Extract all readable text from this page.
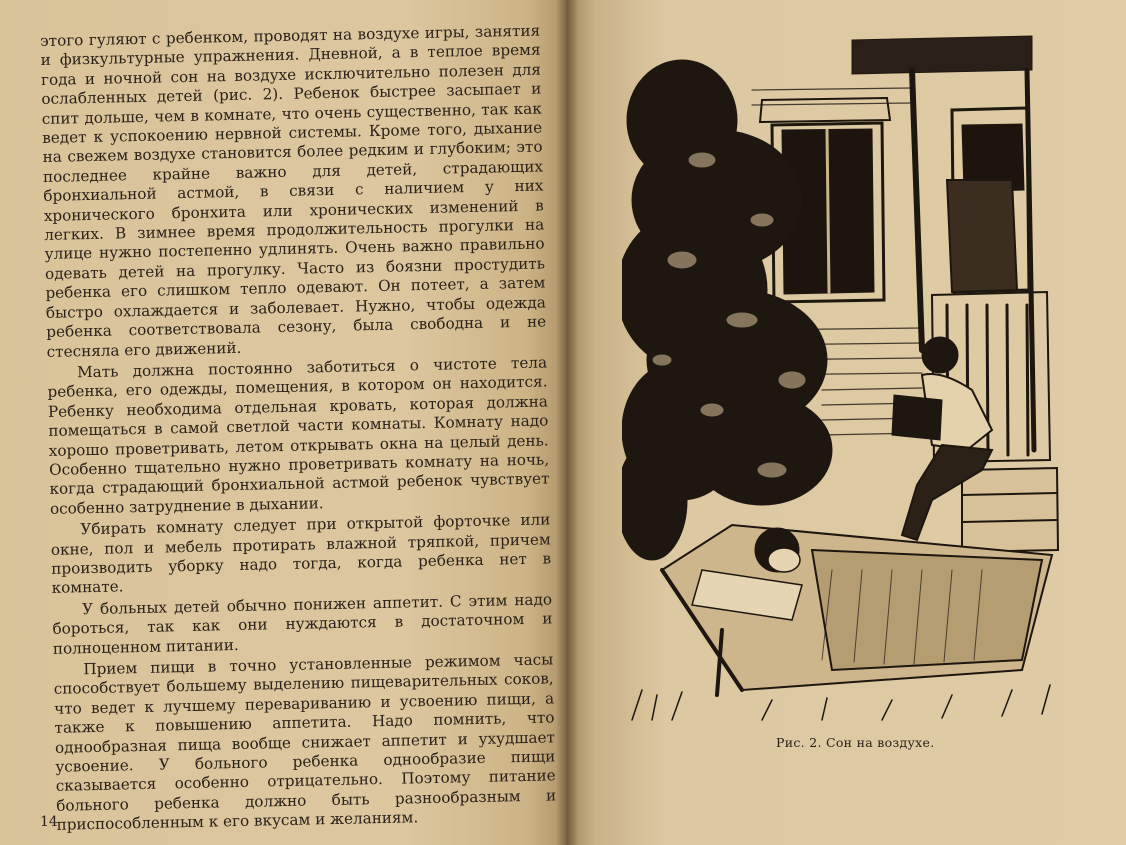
этого гуляют с ребенком, проводят на воздухе игры, занятия и физкультурные упражнения. Дневной, а в теплое время года и ночной сон на воздухе исключительно полезен для ослабленных детей (рис. 2). Ребенок быстрее засыпает и спит дольше, чем в комнате, что очень существенно, так как ведет к успокоению нервной системы. Кроме того, дыхание на свежем воздухе становится более редким и глубоким; это последнее крайне важно для детей, страдающих бронхиальной астмой, в связи с наличием у них хронического бронхита или хронических изменений в легких. В зимнее время продолжительность прогулки на улице нужно постепенно удлинять. Очень важно правильно одевать детей на прогулку. Часто из боязни простудить ребенка его слишком тепло одевают. Он потеет, а затем быстро охлаждается и заболевает. Нужно, чтобы одежда ребенка соответствовала сезону, была свободна и не стесняла его движений.

Мать должна постоянно заботиться о чистоте тела ребенка, его одежды, помещения, в котором он находится. Ребенку необходима отдельная кровать, которая должна помещаться в самой светлой части комнаты. Комнату надо хорошо проветривать, летом открывать окна на целый день. Особенно тщательно нужно проветривать комнату на ночь, когда страдающий бронхиальной астмой ребенок чувствует особенно затруднение в дыхании.

Убирать комнату следует при открытой форточке или окне, пол и мебель протирать влажной тряпкой, причем производить уборку надо тогда, когда ребенка нет в комнате.

У больных детей обычно понижен аппетит. С этим надо бороться, так как они нуждаются в достаточном и полноценном питании.

Прием пищи в точно установленные режимом часы способствует большему выделению пищеварительных соков, что ведет к лучшему перевариванию и усвоению пищи, а также к повышению аппетита. Надо помнить, что однообразная пища вообще снижает аппетит и ухудшает усвоение. У больного ребенка однообразие пищи сказывается особенно отрицательно. Поэтому питание больного ребенка должно быть разнообразным и приспособленным к его вкусам и желаниям.

14
Рис. 2. Сон на воздухе.
